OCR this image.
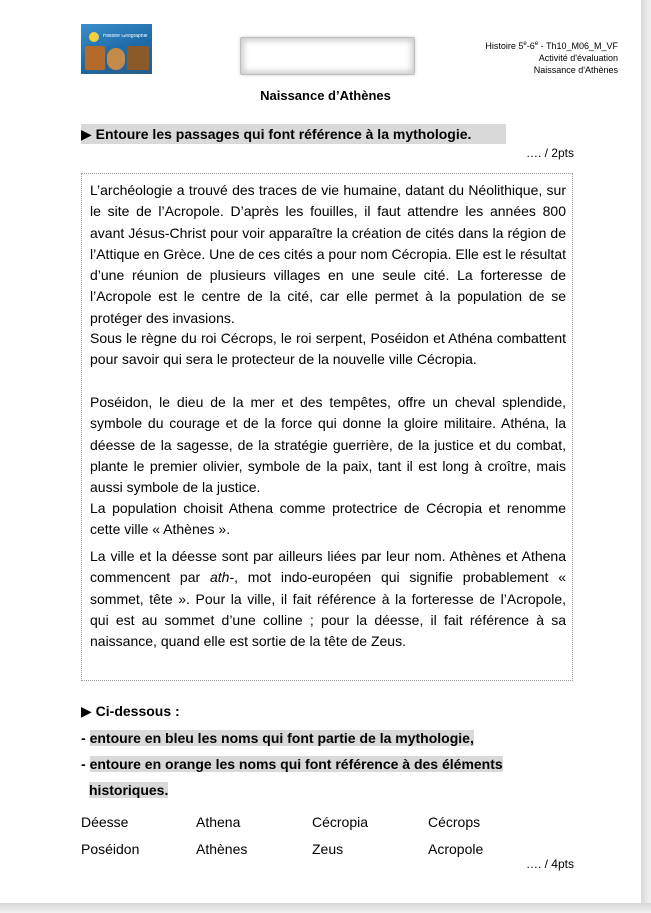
Histoire Géographie
Histoire 5e-6e - Th10_M06_M_VF
Activité d'évaluation
Naissance d'Athènes
Naissance d’Athènes
▶ Entoure les passages qui font référence à la mythologie.
…. / 2pts

L’archéologie a trouvé des traces de vie humaine, datant du Néolithique, sur le site de l’Acropole. D’après les fouilles, il faut attendre les années 800 avant Jésus-Christ pour voir apparaître la création de cités dans la région de l’Attique en Grèce. Une de ces cités a pour nom Cécropia. Elle est le résultat d’une réunion de plusieurs villages en une seule cité. La forteresse de l’Acropole est le centre de la cité, car elle permet à la population de se protéger des invasions.

Sous le règne du roi Cécrops, le roi serpent, Poséidon et Athéna combattent pour savoir qui sera le protecteur de la nouvelle ville Cécropia.

Poséidon, le dieu de la mer et des tempêtes, offre un cheval splendide, symbole du courage et de la force qui donne la gloire militaire. Athéna, la déesse de la sagesse, de la stratégie guerrière, de la justice et du combat, plante le premier olivier, symbole de la paix, tant il est long à croître, mais aussi symbole de la justice.

La population choisit Athena comme protectrice de Cécropia et renomme cette ville « Athènes ».

La ville et la déesse sont par ailleurs liées par leur nom. Athènes et Athena commencent par ath-, mot indo-européen qui signifie probablement « sommet, tête ». Pour la ville, il fait référence à la forteresse de l’Acropole, qui est au sommet d’une colline ; pour la déesse, il fait référence à sa naissance, quand elle est sortie de la tête de Zeus.

▶ Ci-dessous :
- entoure en bleu les noms qui font partie de la mythologie,
- entoure en orange les noms qui font référence à des éléments
historiques.
Déesse	Athena	Cécropia	Cécrops
Poséidon	Athènes	Zeus	Acropole
…. / 4pts
